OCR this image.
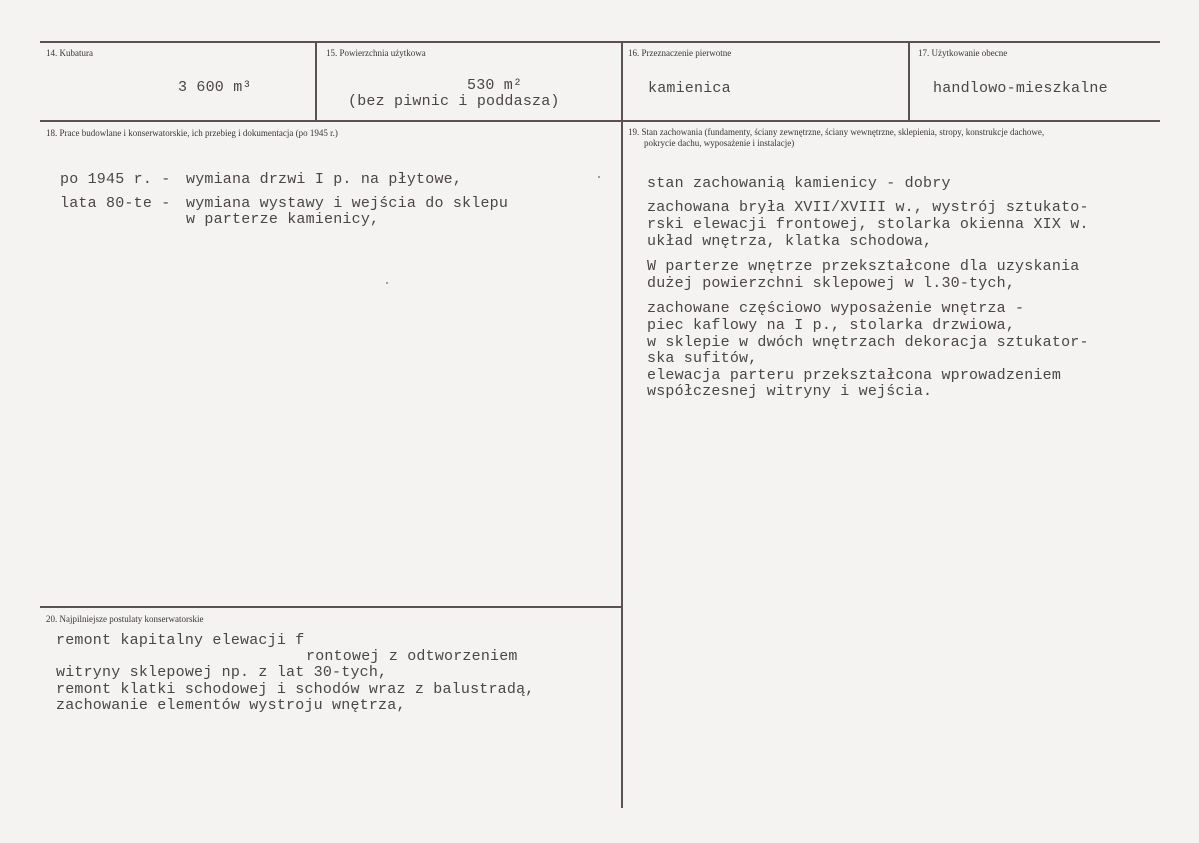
14. Kubatura
3 600 m³
15. Powierzchnia użytkowa
530 m²
(bez piwnic i poddasza)
16. Przeznaczenie pierwotne
kamienica
17. Użytkowanie obecne
handlowo-mieszkalne
18. Prace budowlane i konserwatorskie, ich przebieg i dokumentacja (po 1945 r.)
po 1945 r. - wymiana drzwi I p. na płytowe,
lata 80-te - wymiana wystawy i wejścia do sklepu
w parterze kamienicy,
19. Stan zachowania (fundamenty, ściany zewnętrzne, ściany wewnętrzne, sklepienia, stropy, konstrukcje dachowe,
pokrycie dachu, wyposażenie i instalacje)
stan zachowanią kamienicy - dobry
zachowana bryła XVII/XVIII w., wystrój sztukato-
rski elewacji frontowej, stolarka okienna XIX w.
układ wnętrza, klatka schodowa,
W parterze wnętrze przekształcone dla uzyskania
dużej powierzchni sklepowej w l.30-tych,
zachowane częściowo wyposażenie wnętrza -
piec kaflowy na I p., stolarka drzwiowa,
w sklepie w dwóch wnętrzach dekoracja sztukator-
ska sufitów,
elewacja parteru przekształcona wprowadzeniem
współczesnej witryny i wejścia.
20. Najpilniejsze postulaty konserwatorskie
remont kapitalny elewacji f
rontowej z odtworzeniem
witryny sklepowej np. z lat 30-tych,
remont klatki schodowej i schodów wraz z balustradą,
zachowanie elementów wystroju wnętrza,
